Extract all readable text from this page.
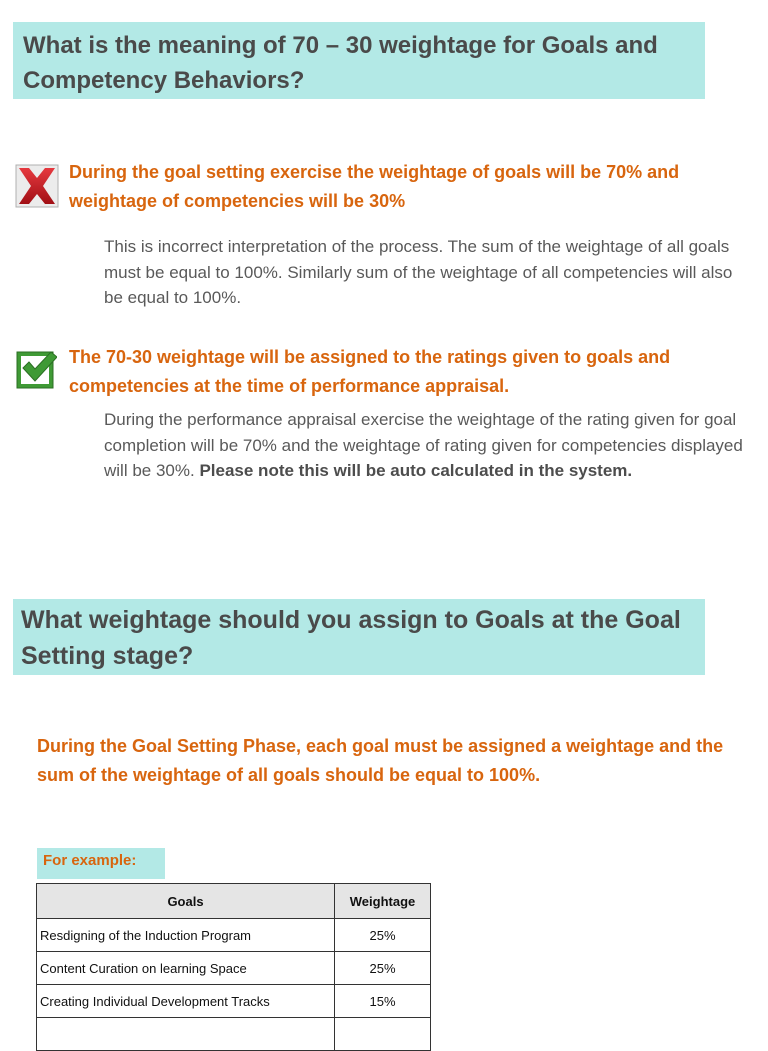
What is the meaning of 70 – 30 weightage for Goals and Competency Behaviors?
During the goal setting exercise the weightage of goals will be 70% and weightage of competencies will be 30%
This is incorrect interpretation of the process. The sum of the weightage of all goals must be equal to 100%. Similarly sum of the weightage of all competencies will also be equal to 100%.
The 70-30 weightage will be assigned to the ratings given to goals and competencies at the time of performance appraisal.
During the performance appraisal exercise the weightage of the rating given for goal completion will be 70% and the weightage of rating given for competencies displayed will be 30%. Please note this will be auto calculated in the system.
What weightage should you assign to Goals at the Goal Setting stage?
During the Goal Setting Phase, each goal must be assigned a weightage and the sum of the weightage of all goals should be equal to 100%.
For example:
Goals	Weightage
Resdigning of the Induction Program	25%
Content Curation on learning Space	25%
Creating Individual Development Tracks	15%
